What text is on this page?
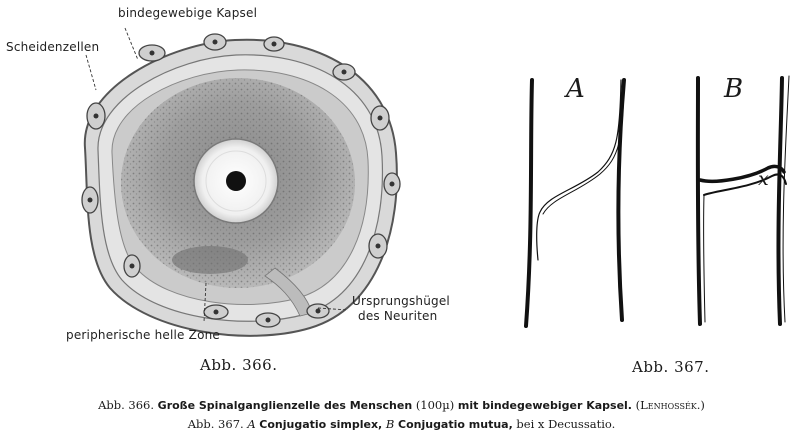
bindegewebige Kapsel
Scheidenzellen
peripherische helle Zone
Ursprungshügel
des Neuriten
Abb. 366.
A	B
x
Abb. 367.
Abb. 366. Große Spinalganglienzelle des Menschen (100µ) mit bindegewebiger Kapsel. (Lenhossék.)
Abb. 367. A Conjugatio simplex, B Conjugatio mutua, bei x Decussatio.
